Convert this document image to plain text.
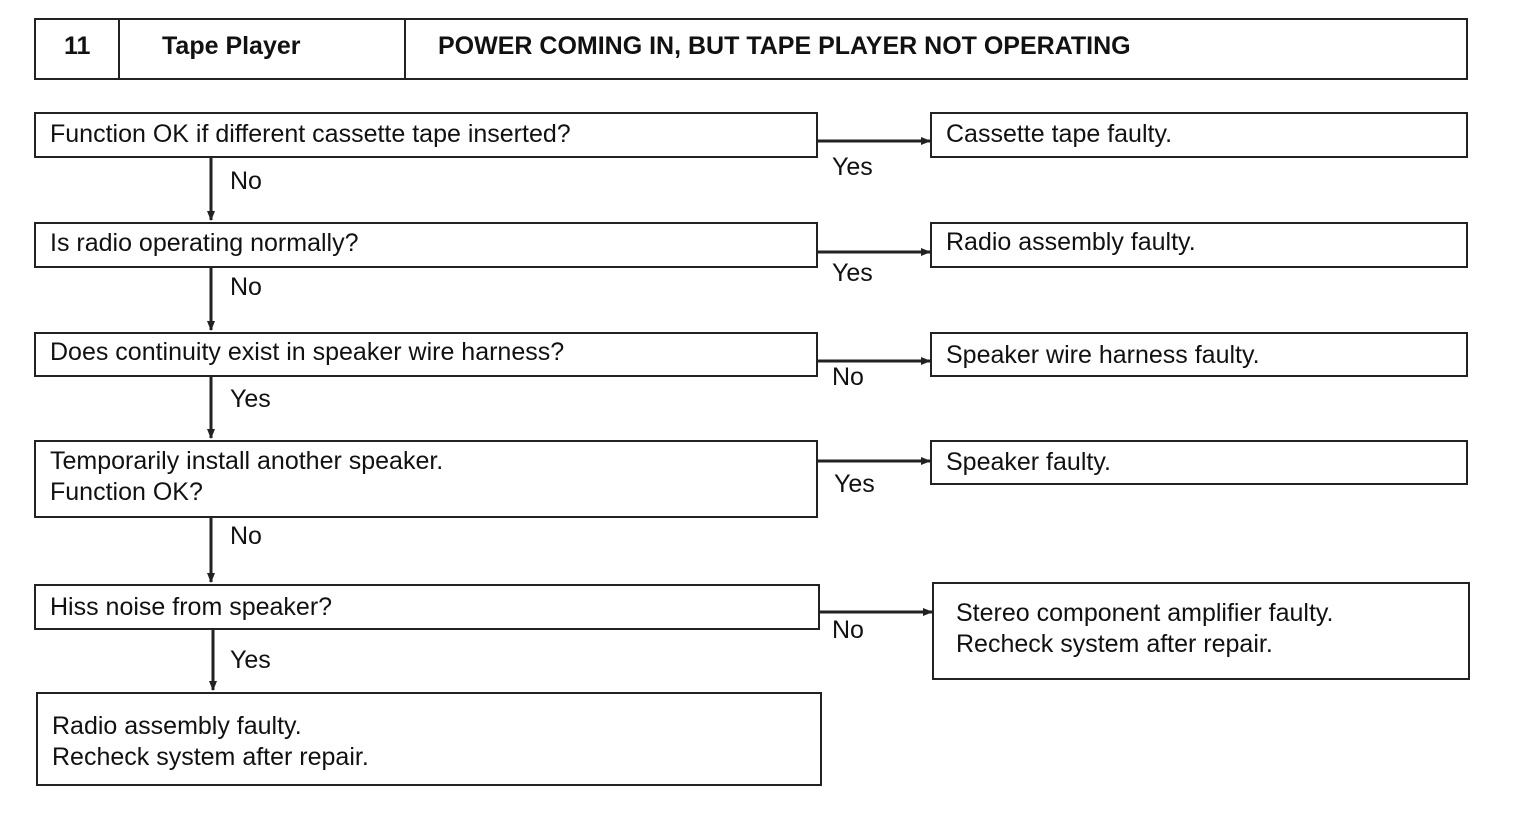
11	Tape Player	POWER COMING IN, BUT TAPE PLAYER NOT OPERATING
Function OK if different cassette tape inserted?	Cassette tape faulty.
Yes
No
Is radio operating normally?	Radio assembly faulty.
Yes
No
Does continuity exist in speaker wire harness?	Speaker wire harness faulty.
No
Yes
Temporarily install another speaker.
Function OK?
Speaker faulty.
Yes
No
Hiss noise from speaker?	Stereo component amplifier faulty.
Recheck system after repair.
No
Yes
Radio assembly faulty.
Recheck system after repair.
